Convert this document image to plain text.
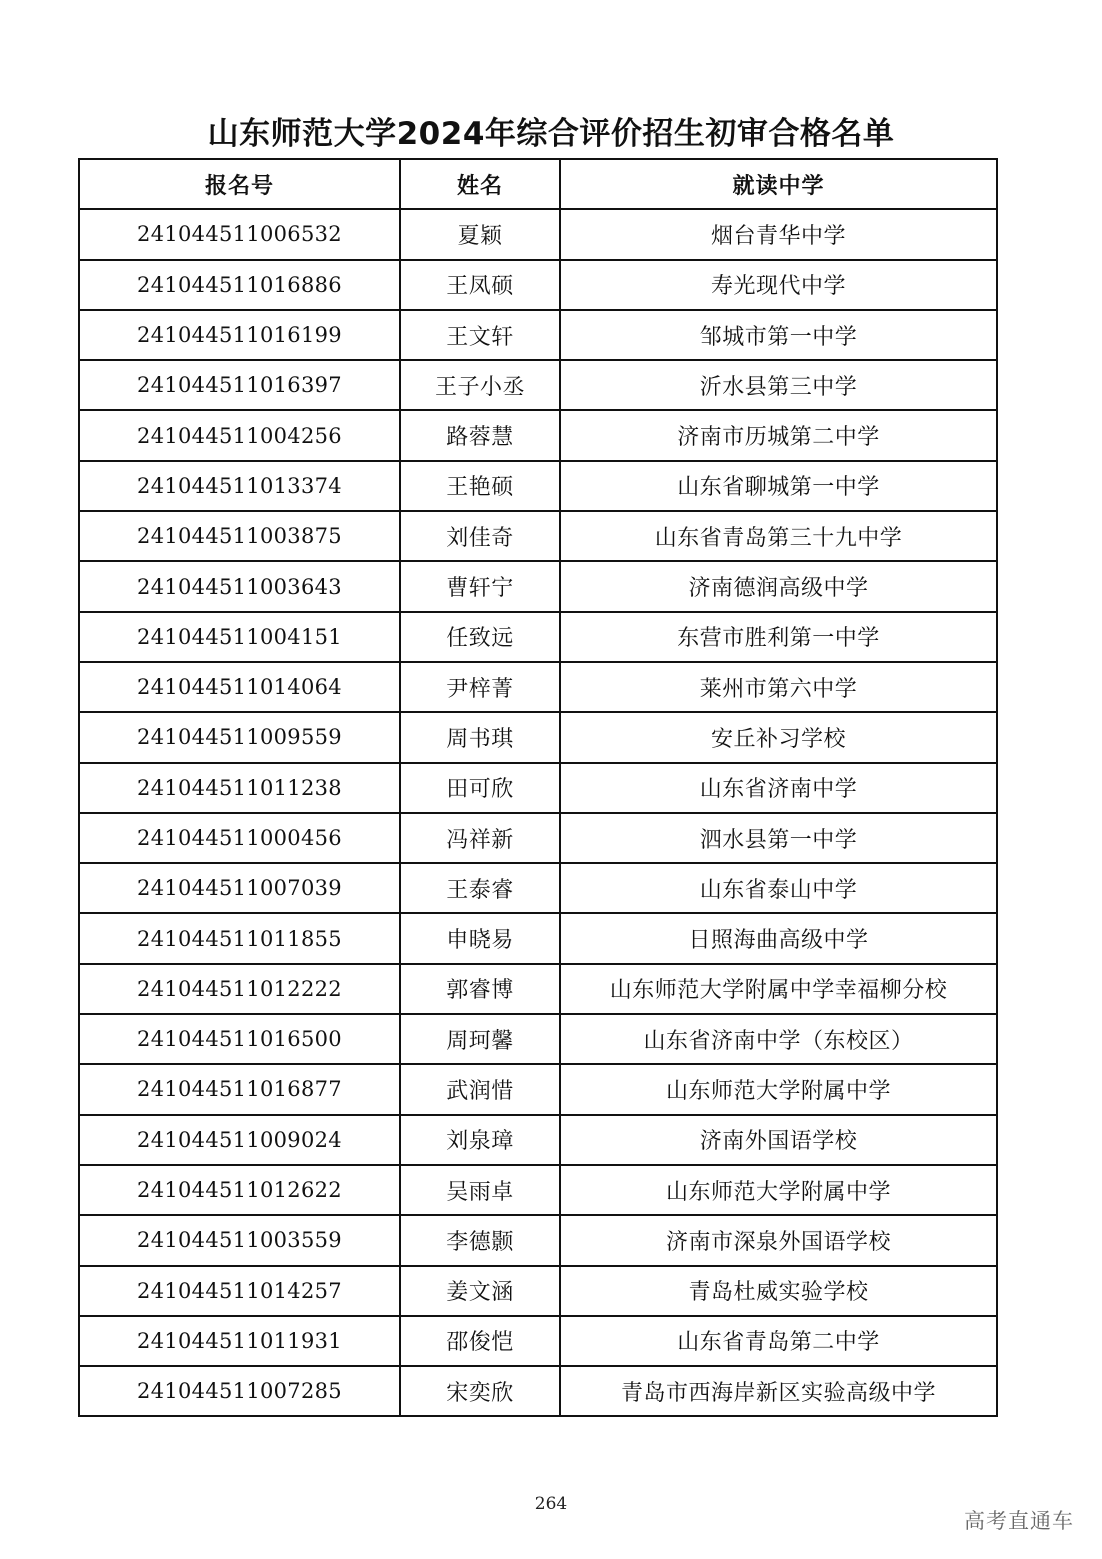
山东师范大学2024年综合评价招生初审合格名单
报名号	姓名	就读中学
241044511006532	夏颖	烟台青华中学
241044511016886	王凤硕	寿光现代中学
241044511016199	王文轩	邹城市第一中学
241044511016397	王子小丞	沂水县第三中学
241044511004256	路蓉慧	济南市历城第二中学
241044511013374	王艳硕	山东省聊城第一中学
241044511003875	刘佳奇	山东省青岛第三十九中学
241044511003643	曹轩宁	济南德润高级中学
241044511004151	任致远	东营市胜利第一中学
241044511014064	尹梓菁	莱州市第六中学
241044511009559	周书琪	安丘补习学校
241044511011238	田可欣	山东省济南中学
241044511000456	冯祥新	泗水县第一中学
241044511007039	王泰睿	山东省泰山中学
241044511011855	申晓易	日照海曲高级中学
241044511012222	郭睿博	山东师范大学附属中学幸福柳分校
241044511016500	周珂馨	山东省济南中学（东校区）
241044511016877	武润惜	山东师范大学附属中学
241044511009024	刘泉璋	济南外国语学校
241044511012622	吴雨卓	山东师范大学附属中学
241044511003559	李德颢	济南市深泉外国语学校
241044511014257	姜文涵	青岛杜威实验学校
241044511011931	邵俊恺	山东省青岛第二中学
241044511007285	宋奕欣	青岛市西海岸新区实验高级中学
264
高考直通车
